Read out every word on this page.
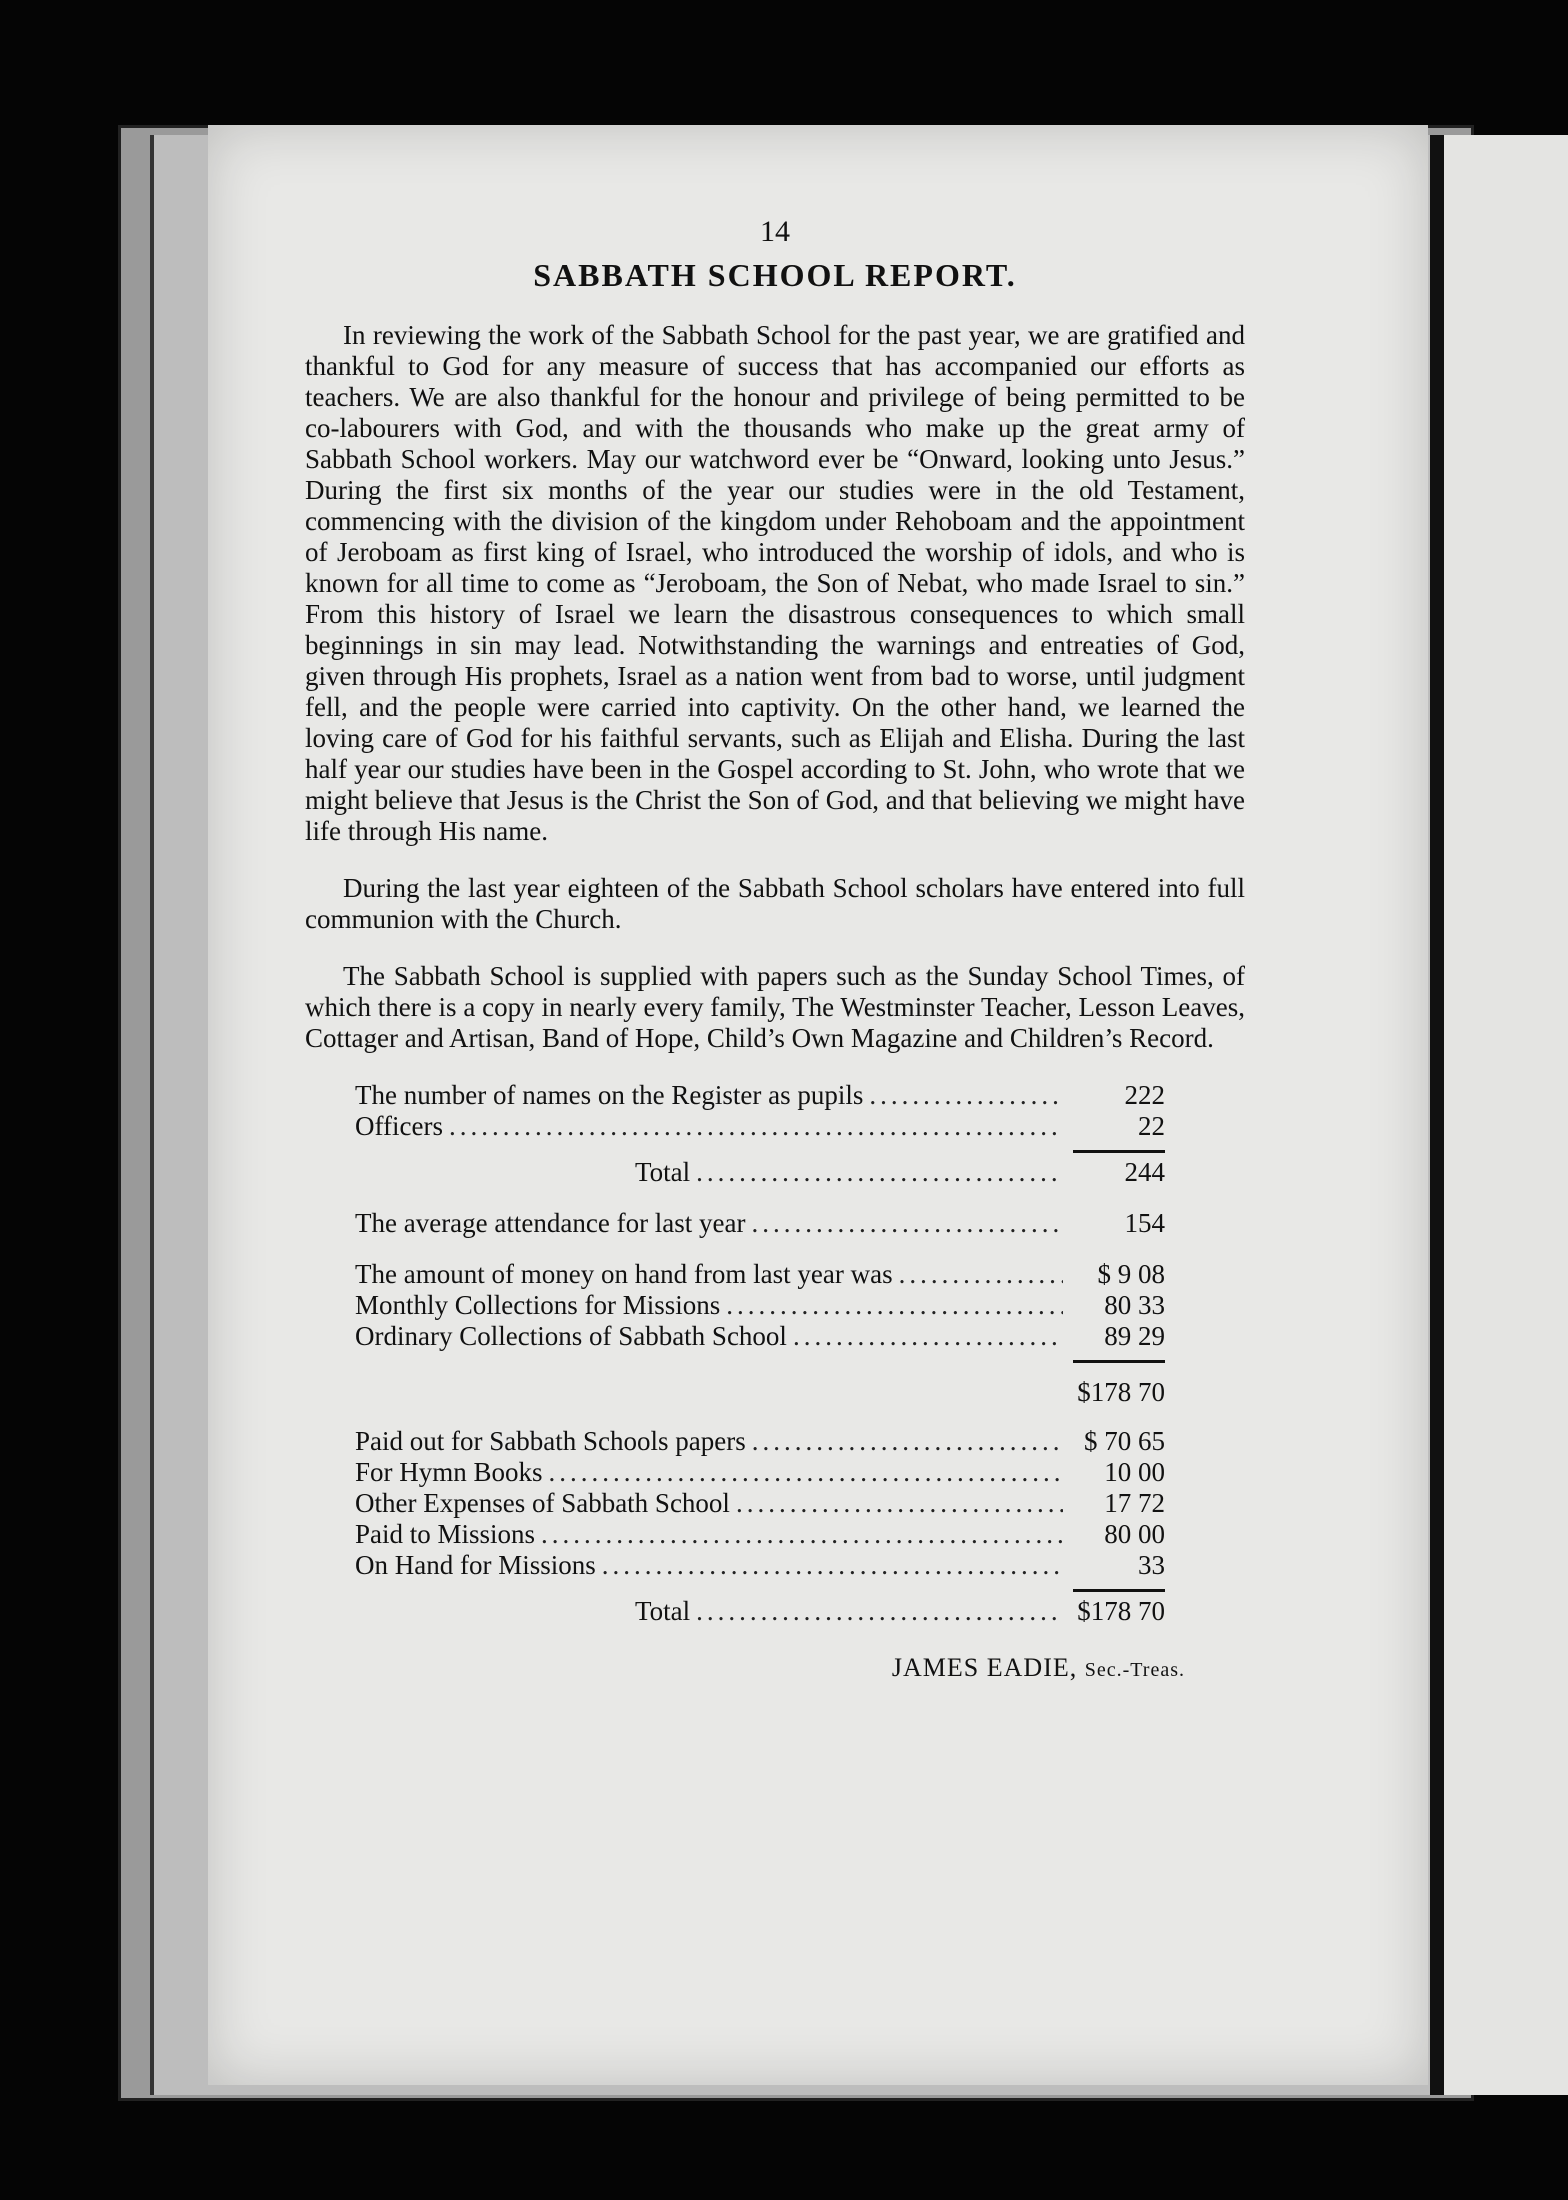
14
SABBATH SCHOOL REPORT.

In reviewing the work of the Sabbath School for the past year, we are gratified and thankful to God for any measure of success that has accompanied our efforts as teachers. We are also thankful for the honour and privilege of being permitted to be co-labourers with God, and with the thousands who make up the great army of Sabbath School workers. May our watchword ever be “Onward, looking unto Jesus.” During the first six months of the year our studies were in the old Testament, commencing with the division of the kingdom under Rehoboam and the appointment of Jeroboam as first king of Israel, who introduced the worship of idols, and who is known for all time to come as “Jeroboam, the Son of Nebat, who made Israel to sin.” From this history of Israel we learn the disastrous consequences to which small beginnings in sin may lead. Notwithstanding the warnings and entreaties of God, given through His prophets, Israel as a nation went from bad to worse, until judgment fell, and the people were carried into captivity. On the other hand, we learned the loving care of God for his faithful servants, such as Elijah and Elisha. During the last half year our studies have been in the Gospel according to St. John, who wrote that we might believe that Jesus is the Christ the Son of God, and that believing we might have life through His name.

During the last year eighteen of the Sabbath School scholars have entered into full communion with the Church.

The Sabbath School is supplied with papers such as the Sunday School Times, of which there is a copy in nearly every family, The Westminster Teacher, Lesson Leaves, Cottager and Artisan, Band of Hope, Child’s Own Magazine and Children’s Record.

The number of names on the Register as pupils .....	222
Officers .....	22
Total .....	244
The average attendance for last year .....	154
The amount of money on hand from last year was .....	$ 9 08
Monthly Collections for Missions .....	80 33
Ordinary Collections of Sabbath School .....	89 29
$178 70
Paid out for Sabbath Schools papers .....	$ 70 65
For Hymn Books .....	10 00
Other Expenses of Sabbath School .....	17 72
Paid to Missions .....	80 00
On Hand for Missions .....	33
Total .....	$178 70
JAMES EADIE, Sec.-Treas.
